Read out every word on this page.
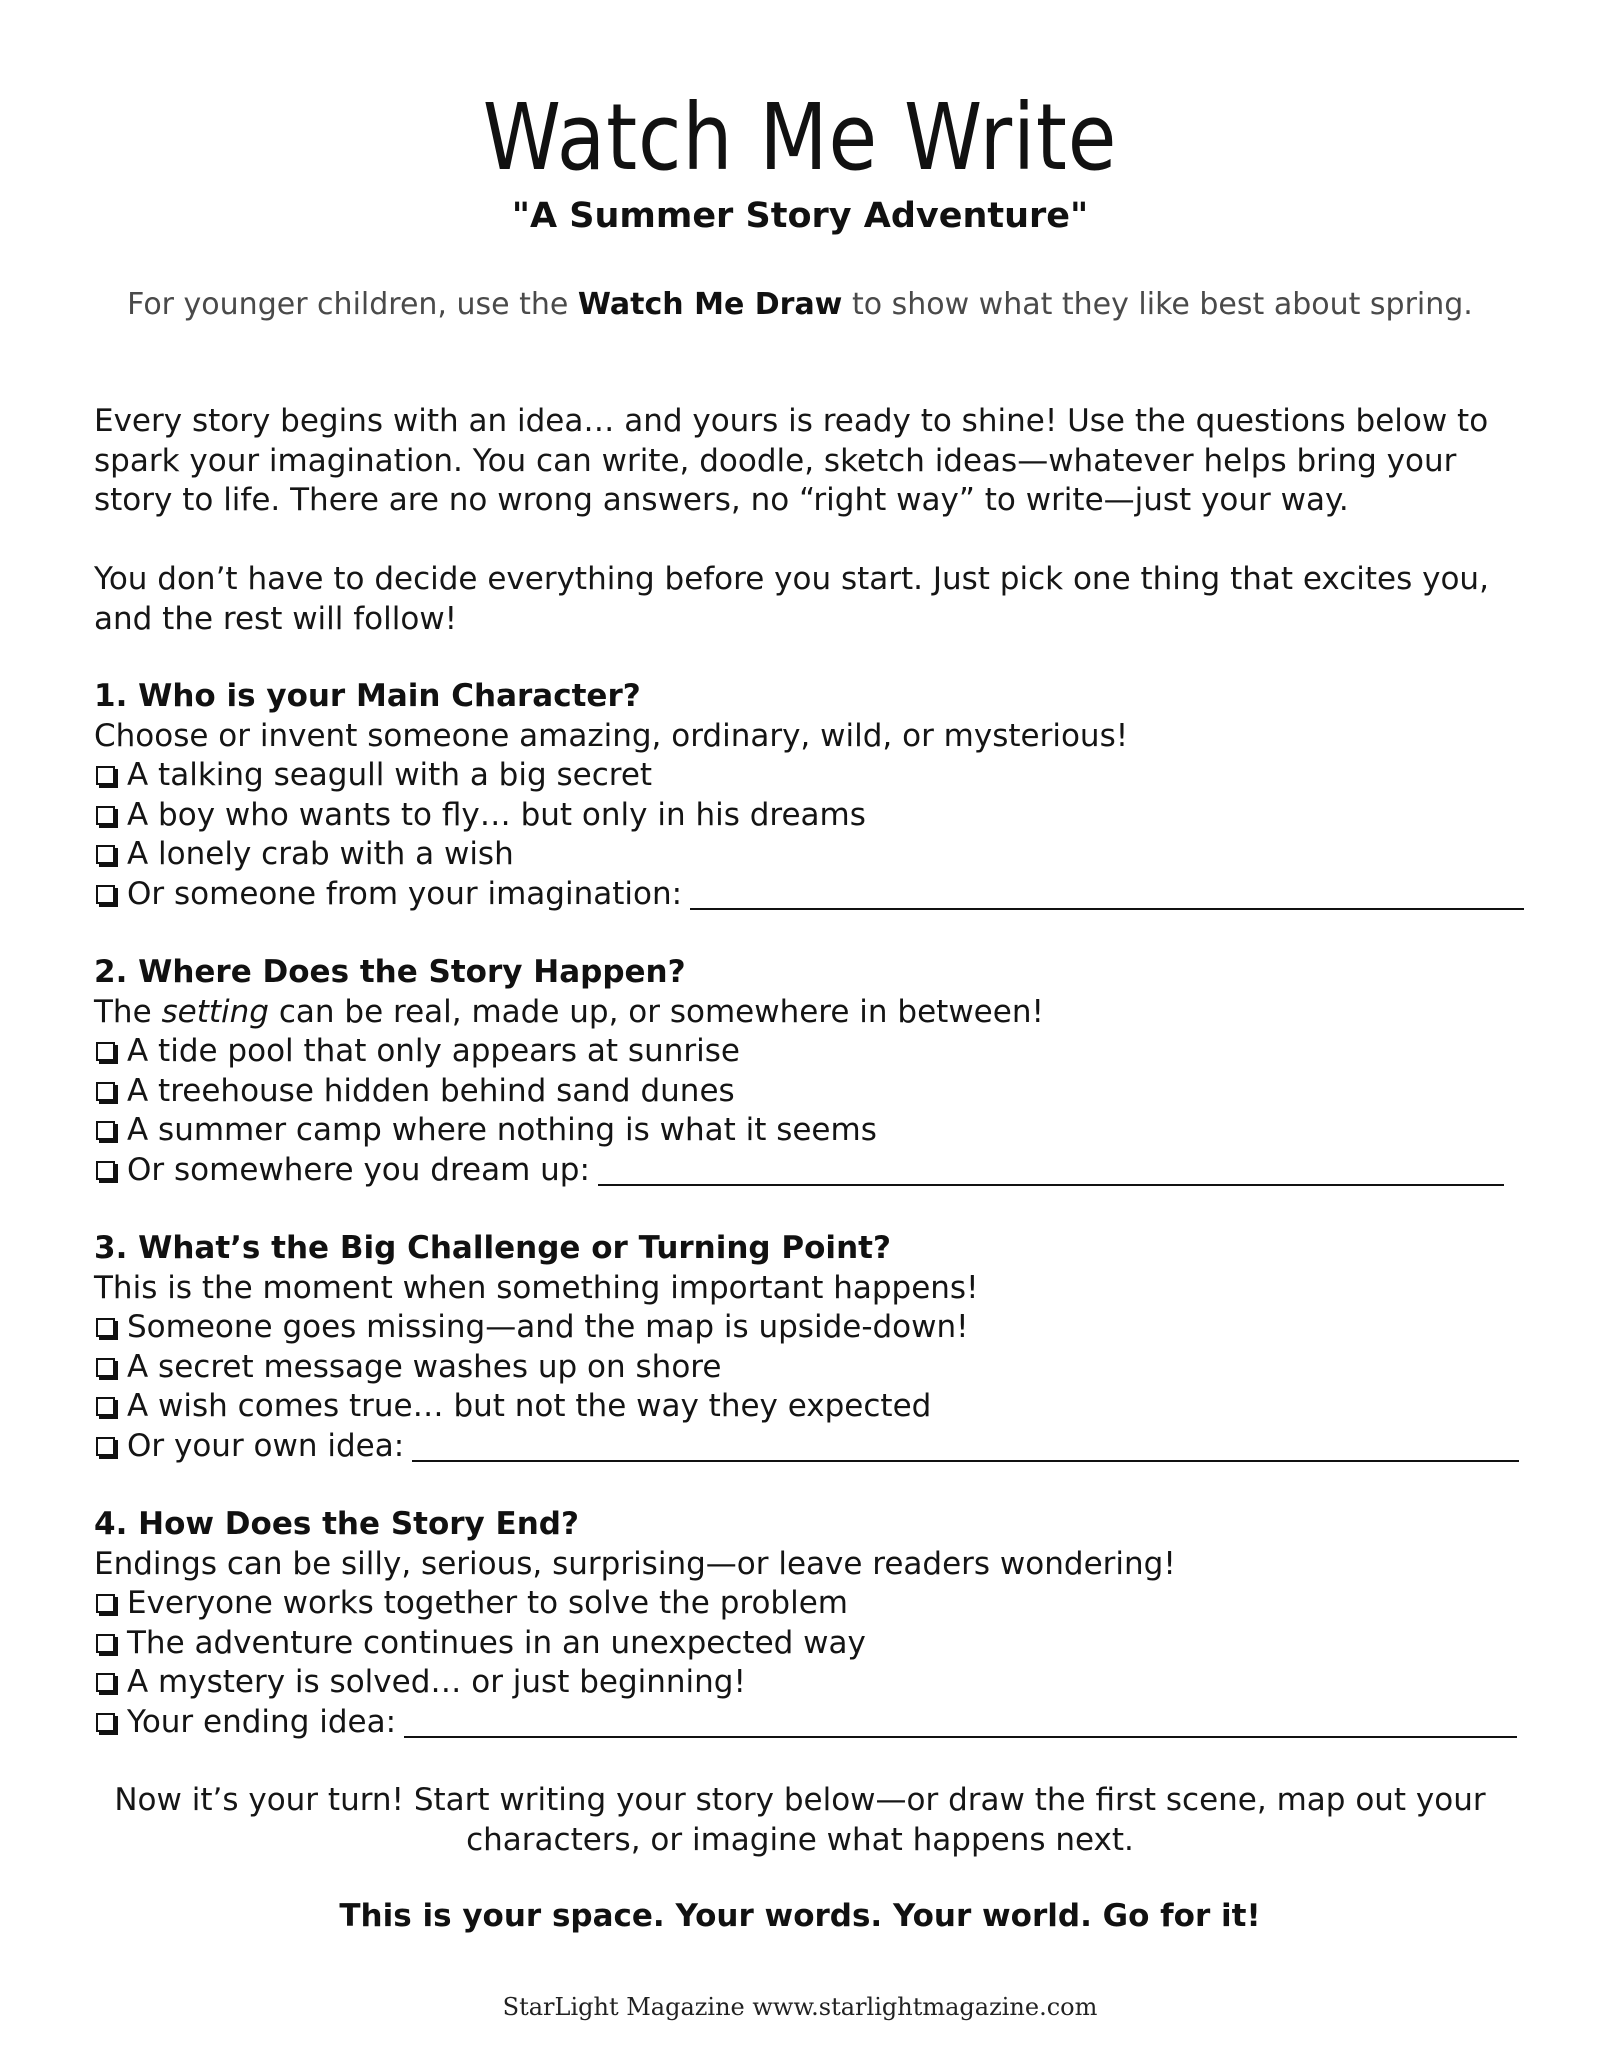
Watch Me Write
"A Summer Story Adventure"
For younger children, use the Watch Me Draw to show what they like best about spring.
Every story begins with an idea… and yours is ready to shine! Use the questions below to spark your imagination. You can write, doodle, sketch ideas—whatever helps bring your story to life. There are no wrong answers, no “right way” to write—just your way.
You don’t have to decide everything before you start. Just pick one thing that excites you, and the rest will follow!
1. Who is your Main Character?
Choose or invent someone amazing, ordinary, wild, or mysterious!
A talking seagull with a big secret
A boy who wants to fly… but only in his dreams
A lonely crab with a wish
Or someone from your imagination:
2. Where Does the Story Happen?
The setting can be real, made up, or somewhere in between!
A tide pool that only appears at sunrise
A treehouse hidden behind sand dunes
A summer camp where nothing is what it seems
Or somewhere you dream up:
3. What’s the Big Challenge or Turning Point?
This is the moment when something important happens!
Someone goes missing—and the map is upside-down!
A secret message washes up on shore
A wish comes true… but not the way they expected
Or your own idea:
4. How Does the Story End?
Endings can be silly, serious, surprising—or leave readers wondering!
Everyone works together to solve the problem
The adventure continues in an unexpected way
A mystery is solved… or just beginning!
Your ending idea:
Now it’s your turn! Start writing your story below—or draw the first scene, map out your characters, or imagine what happens next.
This is your space. Your words. Your world. Go for it!
StarLight Magazine www.starlightmagazine.com
